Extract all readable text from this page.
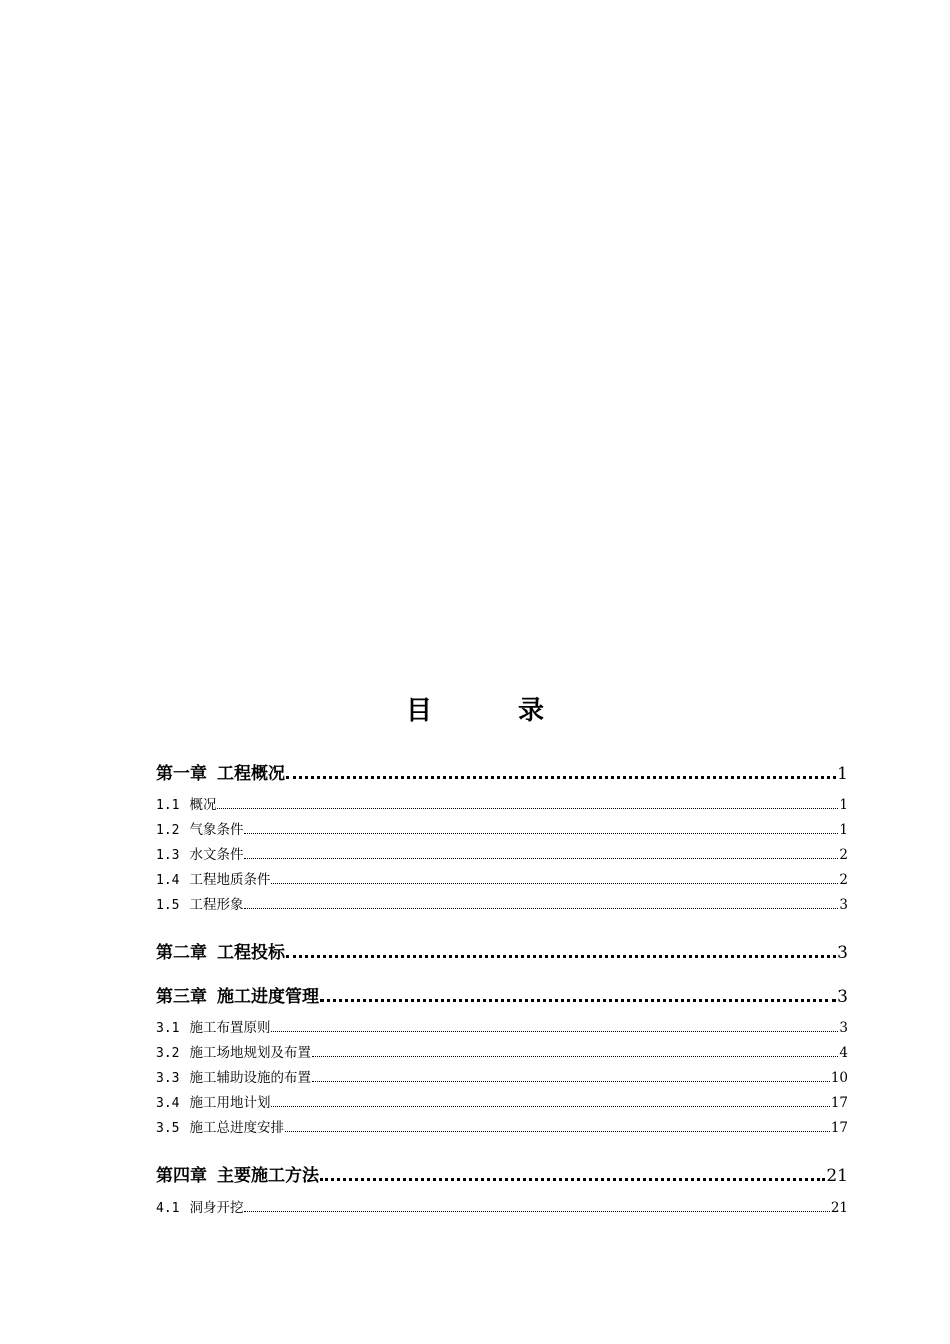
目	录
第一章 工程概况	1
1.1 概况	1
1.2 气象条件	1
1.3 水文条件	2
1.4 工程地质条件	2
1.5 工程形象	3
第二章 工程投标	3
第三章 施工进度管理	3
3.1 施工布置原则	3
3.2 施工场地规划及布置	4
3.3 施工辅助设施的布置	10
3.4 施工用地计划	17
3.5 施工总进度安排	17
第四章 主要施工方法	21
4.1 洞身开挖	21
